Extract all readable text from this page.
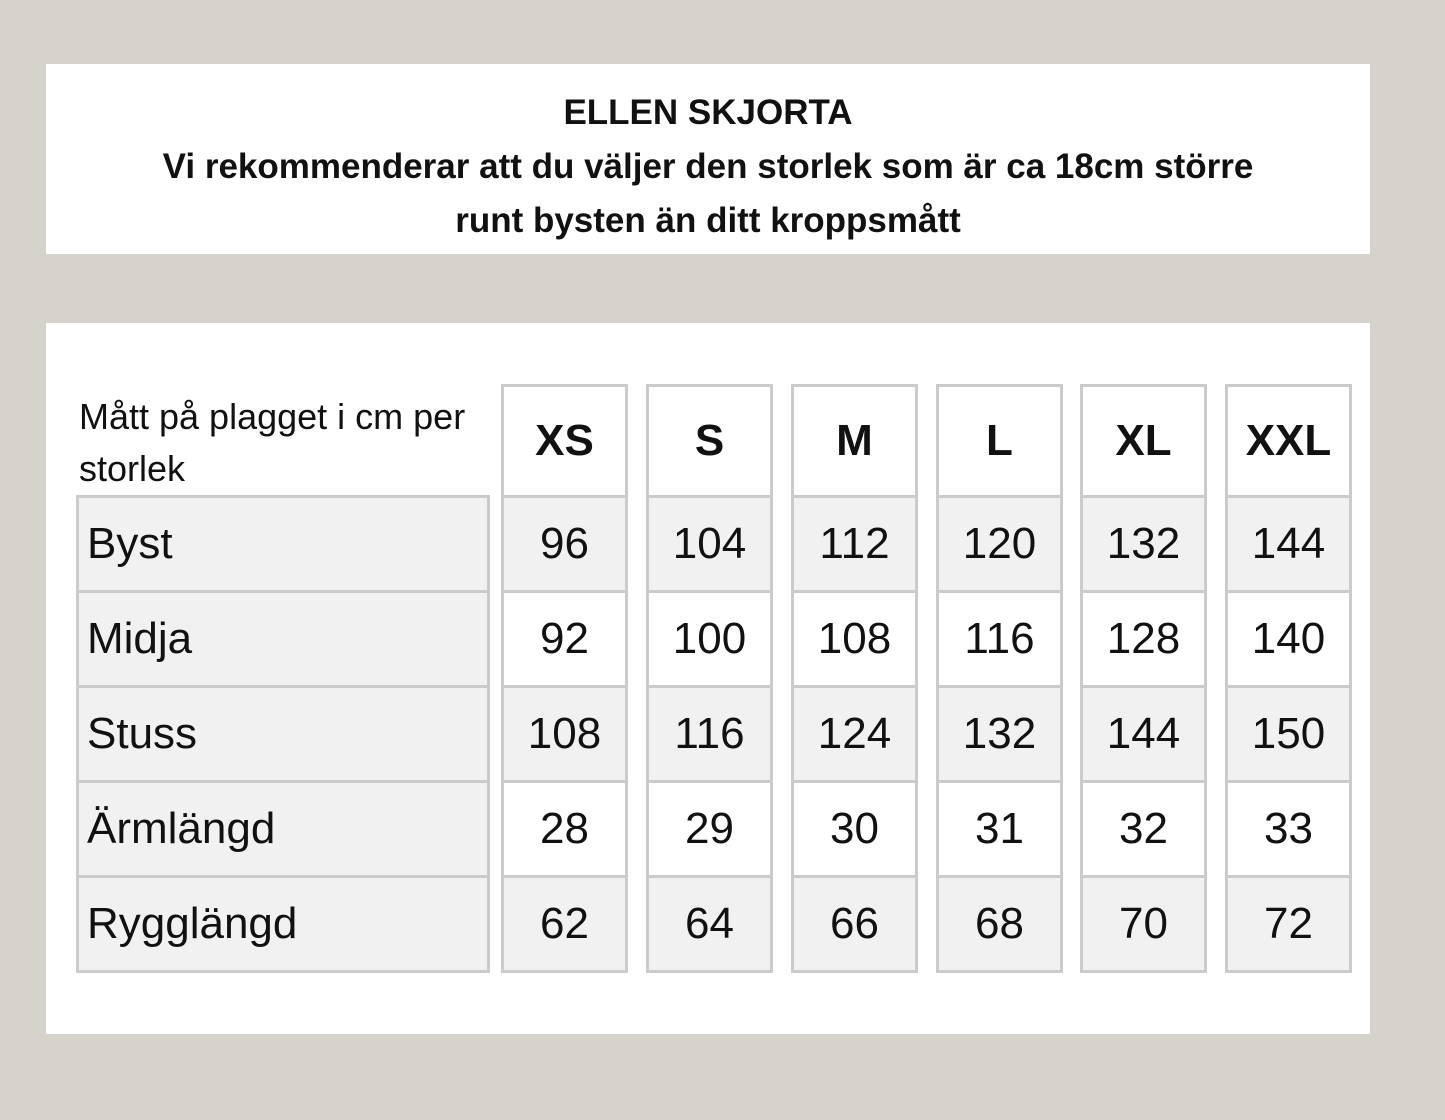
ELLEN SKJORTA
Vi rekommenderar att du väljer den storlek som är ca 18cm större
runt bysten än ditt kroppsmått
Mått på plagget i cm per storlek
Byst
Midja
Stuss
Ärmlängd
Rygglängd
XS
96
92
108
28
62
S
104
100
116
29
64
M
112
108
124
30
66
L
120
116
132
31
68
XL
132
128
144
32
70
XXL
144
140
150
33
72
